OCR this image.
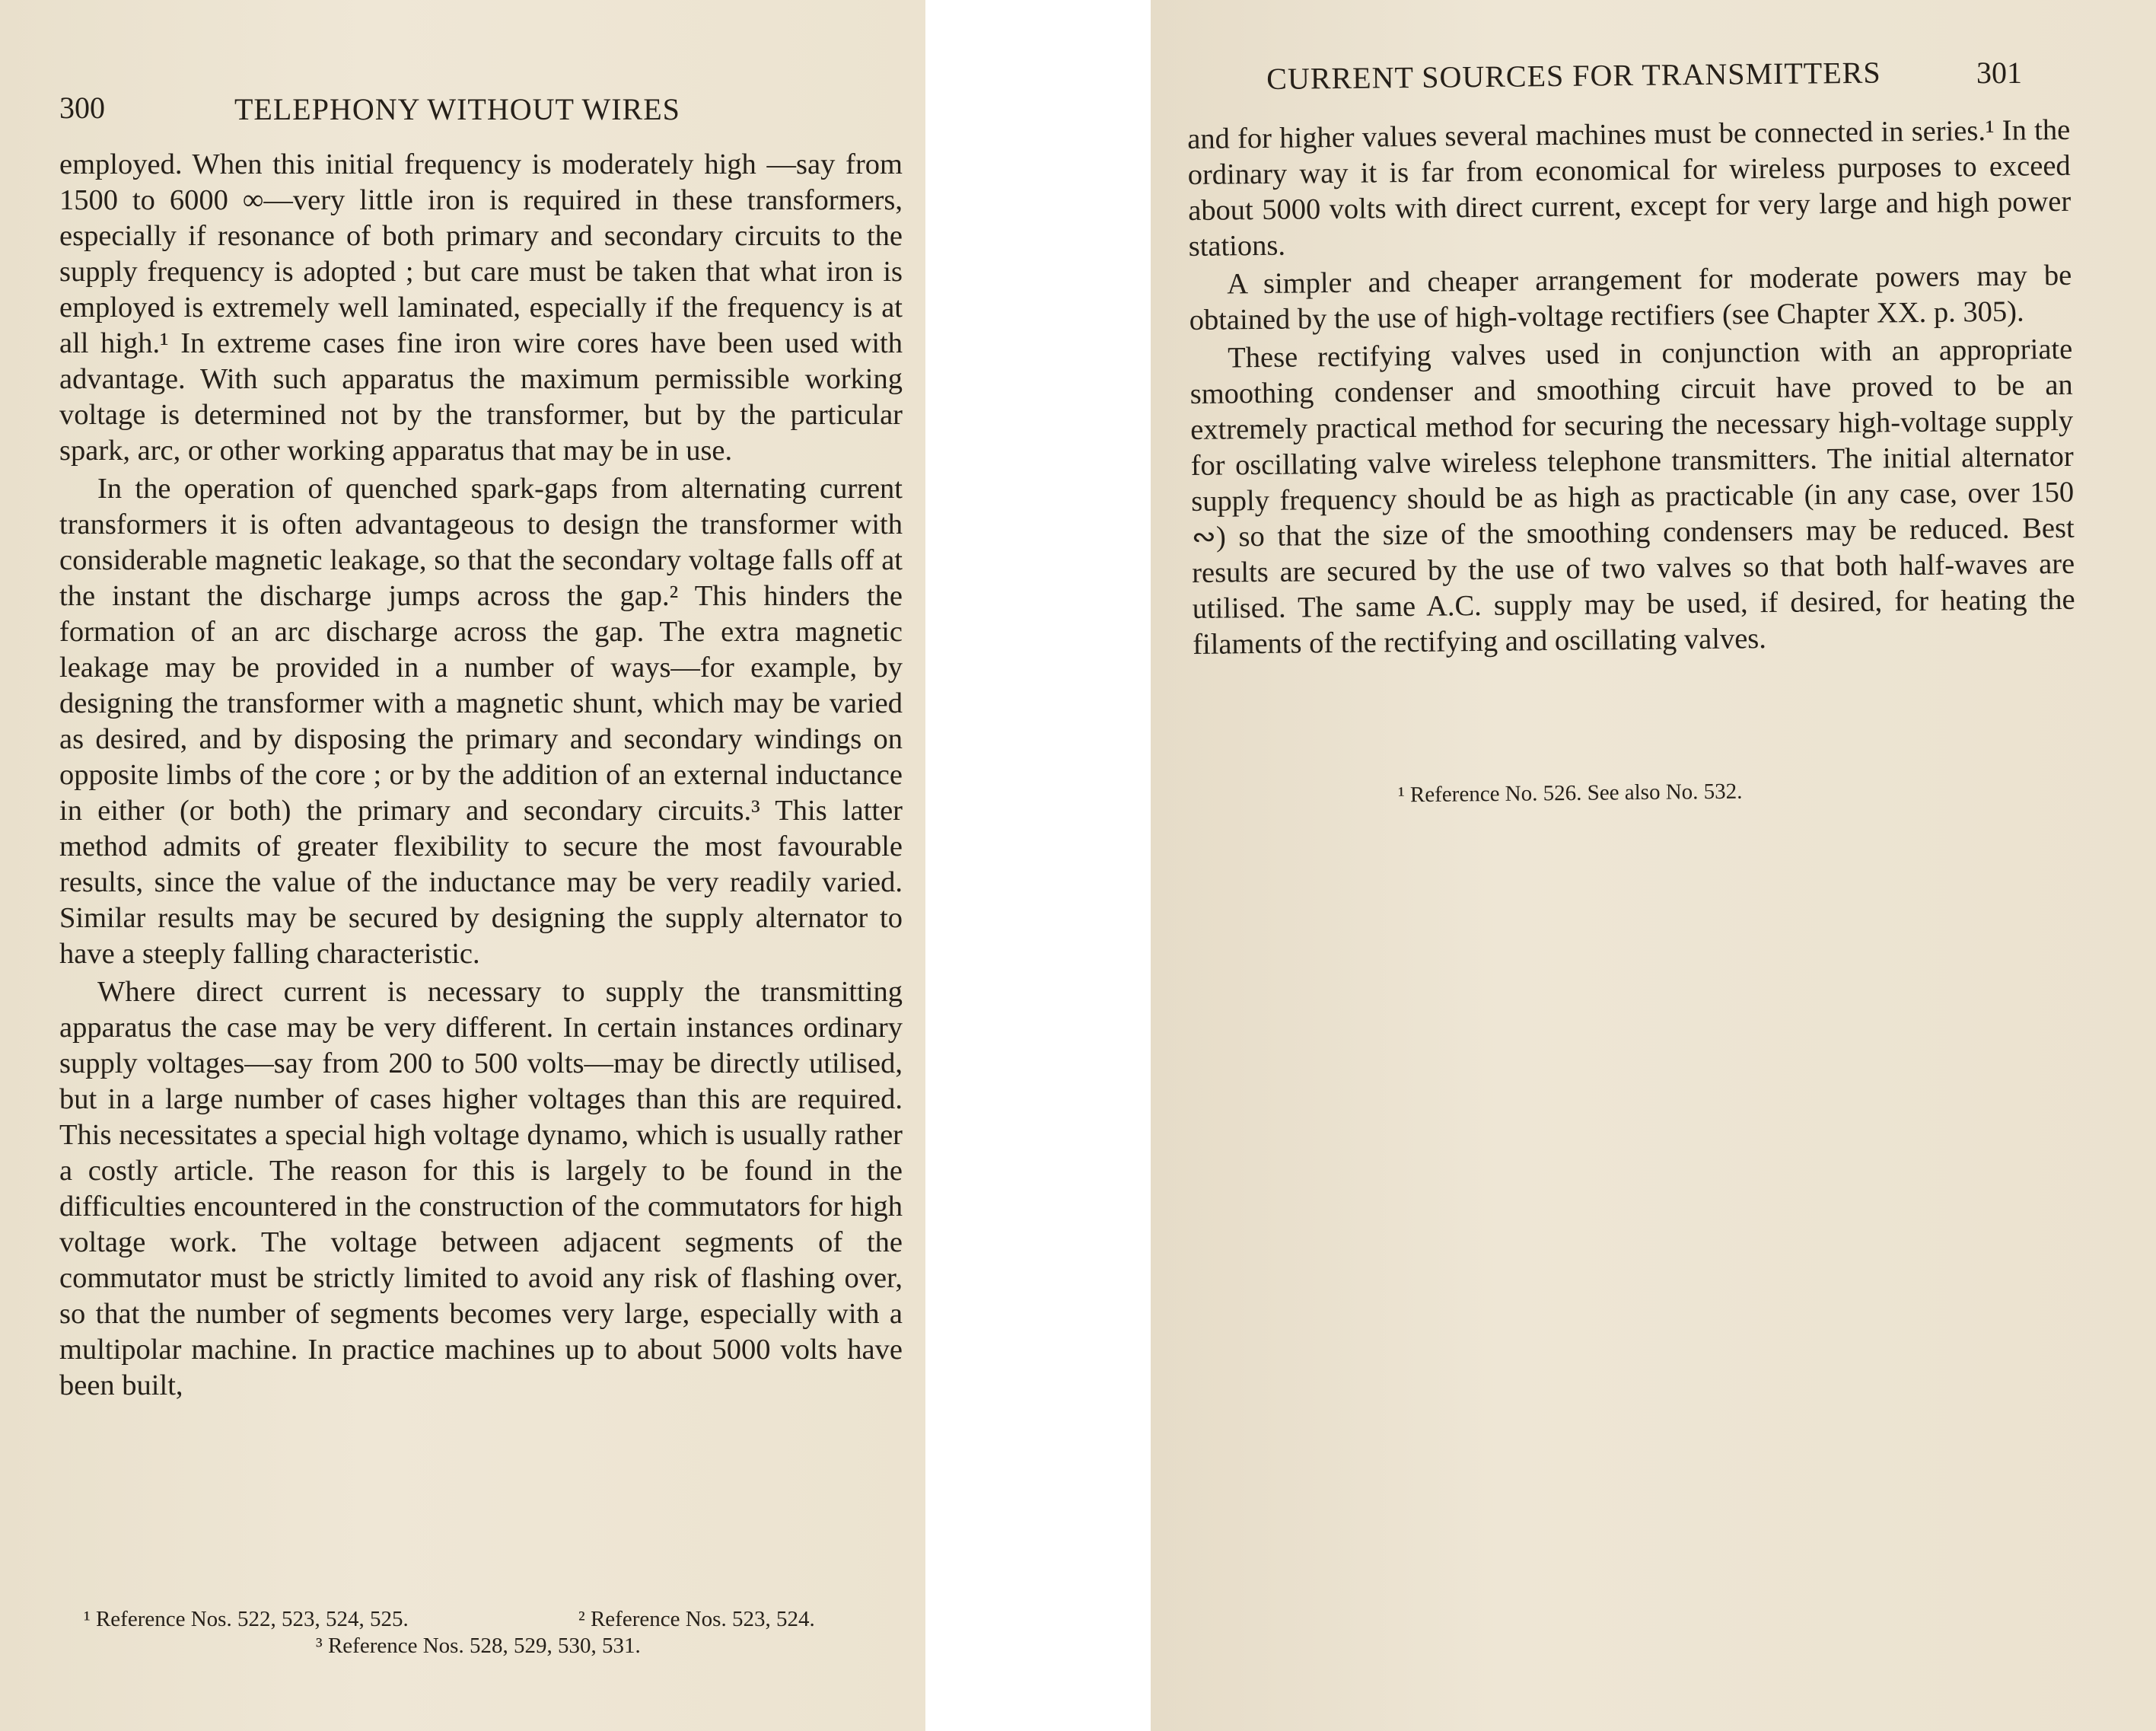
300	TELEPHONY WITHOUT WIRES

employed. When this initial frequency is moderately high —say from 1500 to 6000 ∞—very little iron is required in these transformers, especially if resonance of both primary and secondary circuits to the supply frequency is adopted ; but care must be taken that what iron is employed is extremely well laminated, especially if the frequency is at all high.¹ In extreme cases fine iron wire cores have been used with advantage. With such apparatus the maximum permissible working voltage is determined not by the transformer, but by the particular spark, arc, or other working apparatus that may be in use.

In the operation of quenched spark-gaps from alternating current transformers it is often advantageous to design the transformer with considerable magnetic leakage, so that the secondary voltage falls off at the instant the discharge jumps across the gap.² This hinders the formation of an arc discharge across the gap. The extra magnetic leakage may be provided in a number of ways—for example, by designing the transformer with a magnetic shunt, which may be varied as desired, and by disposing the primary and secondary windings on opposite limbs of the core ; or by the addition of an external inductance in either (or both) the primary and secondary circuits.³ This latter method admits of greater flexibility to secure the most favourable results, since the value of the inductance may be very readily varied. Similar results may be secured by designing the supply alternator to have a steeply falling characteristic.

Where direct current is necessary to supply the transmitting apparatus the case may be very different. In certain instances ordinary supply voltages—say from 200 to 500 volts—may be directly utilised, but in a large number of cases higher voltages than this are required. This necessitates a special high voltage dynamo, which is usually rather a costly article. The reason for this is largely to be found in the difficulties encountered in the construction of the commutators for high voltage work. The voltage between adjacent segments of the commutator must be strictly limited to avoid any risk of flashing over, so that the number of segments becomes very large, especially with a multipolar machine. In practice machines up to about 5000 volts have been built,

¹ Reference Nos. 522, 523, 524, 525.	² Reference Nos. 523, 524.
³ Reference Nos. 528, 529, 530, 531.
CURRENT SOURCES FOR TRANSMITTERS	301

and for higher values several machines must be connected in series.¹ In the ordinary way it is far from economical for wireless purposes to exceed about 5000 volts with direct current, except for very large and high power stations.

A simpler and cheaper arrangement for moderate powers may be obtained by the use of high-voltage rectifiers (see Chapter XX. p. 305).

These rectifying valves used in conjunction with an appropriate smoothing condenser and smoothing circuit have proved to be an extremely practical method for securing the necessary high-voltage supply for oscillating valve wireless telephone transmitters. The initial alternator supply frequency should be as high as practicable (in any case, over 150 ∾) so that the size of the smoothing condensers may be reduced. Best results are secured by the use of two valves so that both half-waves are utilised. The same A.C. supply may be used, if desired, for heating the filaments of the rectifying and oscillating valves.

¹ Reference No. 526. See also No. 532.
